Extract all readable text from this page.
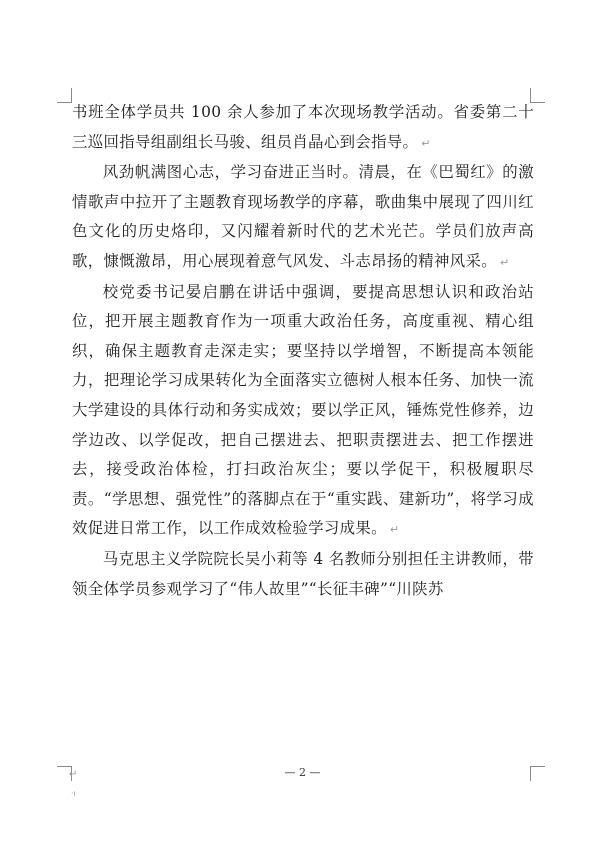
书班全体学员共 100 余人参加了本次现场教学活动。省委第二十三巡回指导组副组长马骏、组员肖晶心到会指导。 ↵

风劲帆满图心志，学习奋进正当时。清晨，在《巴蜀红》的激情歌声中拉开了主题教育现场教学的序幕，歌曲集中展现了四川红色文化的历史烙印，又闪耀着新时代的艺术光芒。学员们放声高歌，慷慨激昂，用心展现着意气风发、斗志昂扬的精神风采。 ↵

校党委书记晏启鹏在讲话中强调，要提高思想认识和政治站位，把开展主题教育作为一项重大政治任务，高度重视、精心组织，确保主题教育走深走实；要坚持以学增智，不断提高本领能力，把理论学习成果转化为全面落实立德树人根本任务、加快一流大学建设的具体行动和务实成效；要以学正风，锤炼党性修养，边学边改、以学促改，把自己摆进去、把职责摆进去、把工作摆进去，接受政治体检，打扫政治灰尘；要以学促干，积极履职尽责。“学思想、强党性”的落脚点在于“重实践、建新功”，将学习成效促进日常工作，以工作成效检验学习成果。 ↵

马克思主义学院院长吴小莉等 4 名教师分别担任主讲教师，带领全体学员参观学习了“伟人故里”“长征丰碑”“川陕苏

↵
·ı
— 2 —
